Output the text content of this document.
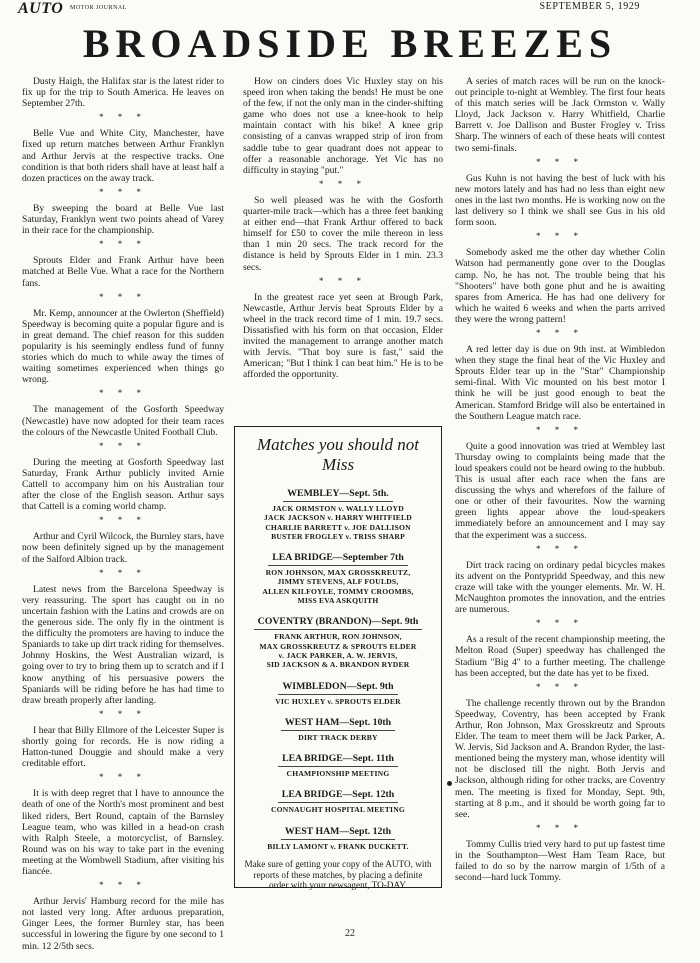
AUTO MOTOR JOURNAL	SEPTEMBER 5, 1929
BROADSIDE BREEZES

Dusty Haigh, the Halifax star is the latest rider to fix up for the trip to South America. He leaves on September 27th.

* * *

Belle Vue and White City, Manchester, have fixed up return matches between Arthur Franklyn and Arthur Jervis at the respective tracks. One condition is that both riders shall have at least half a dozen practices on the away track.

* * *

By sweeping the board at Belle Vue last Saturday, Franklyn went two points ahead of Varey in their race for the championship.

* * *

Sprouts Elder and Frank Arthur have been matched at Belle Vue. What a race for the Northern fans.

* * *

Mr. Kemp, announcer at the Owlerton (Sheffield) Speedway is becoming quite a popular figure and is in great demand. The chief reason for this sudden popularity is his seemingly endless fund of funny stories which do much to while away the times of waiting sometimes experienced when things go wrong.

* * *

The management of the Gosforth Speedway (Newcastle) have now adopted for their team races the colours of the Newcastle United Football Club.

* * *

During the meeting at Gosforth Speedway last Saturday, Frank Arthur publicly invited Arnie Cattell to accompany him on his Australian tour after the close of the English season. Arthur says that Cattell is a coming world champ.

* * *

Arthur and Cyril Wilcock, the Burnley stars, have now been definitely signed up by the management of the Salford Albion track.

* * *

Latest news from the Barcelona Speedway is very reassuring. The sport has caught on in no uncertain fashion with the Latins and crowds are on the generous side. The only fly in the ointment is the difficulty the promoters are having to induce the Spaniards to take up dirt track riding for themselves. Johnny Hoskins, the West Australian wizard, is going over to try to bring them up to scratch and if I know anything of his persuasive powers the Spaniards will be riding before he has had time to draw breath properly after landing.

* * *

I hear that Billy Ellmore of the Leicester Super is shortly going for records. He is now riding a Hatton-tuned Douggie and should make a very creditable effort.

* * *

It is with deep regret that I have to announce the death of one of the North's most prominent and best liked riders, Bert Round, captain of the Barnsley League team, who was killed in a head-on crash with Ralph Steele, a motorcyclist, of Barnsley. Round was on his way to take part in the evening meeting at the Wombwell Stadium, after visiting his fiancée.

* * *

Arthur Jervis' Hamburg record for the mile has not lasted very long. After arduous preparation, Ginger Lees, the former Burnley star, has been successful in lowering the figure by one second to 1 min. 12 2/5th secs.

How on cinders does Vic Huxley stay on his speed iron when taking the bends! He must be one of the few, if not the only man in the cinder-shifting game who does not use a knee-hook to help maintain contact with his bike! A knee grip consisting of a canvas wrapped strip of iron from saddle tube to gear quadrant does not appear to offer a reasonable anchorage. Yet Vic has no difficulty in staying "put."

* * *

So well pleased was he with the Gosforth quarter-mile track—which has a three feet banking at either end—that Frank Arthur offered to back himself for £50 to cover the mile thereon in less than 1 min 20 secs. The track record for the distance is held by Sprouts Elder in 1 min. 23.3 secs.

* * *

In the greatest race yet seen at Brough Park, Newcastle, Arthur Jervis beat Sprouts Elder by a wheel in the track record time of 1 min. 19.7 secs. Dissatisfied with his form on that occasion, Elder invited the management to arrange another match with Jervis. "That boy sure is fast," said the American; "But I think I can beat him." He is to be afforded the opportunity.

A series of match races will be run on the knock-out principle to-night at Wembley. The first four heats of this match series will be Jack Ormston v. Wally Lloyd, Jack Jackson v. Harry Whitfield, Charlie Barrett v. Joe Dallison and Buster Frogley v. Triss Sharp. The winners of each of these heats will contest two semi-finals.

* * *

Gus Kuhn is not having the best of luck with his new motors lately and has had no less than eight new ones in the last two months. He is working now on the last delivery so I think we shall see Gus in his old form soon.

* * *

Somebody asked me the other day whether Colin Watson had permanently gone over to the Douglas camp. No, he has not. The trouble being that his "Shooters" have both gone phut and he is awaiting spares from America. He has had one delivery for which he waited 6 weeks and when the parts arrived they were the wrong pattern!

* * *

A red letter day is due on 9th inst. at Wimbledon when they stage the final heat of the Vic Huxley and Sprouts Elder tear up in the "Star" Championship semi-final. With Vic mounted on his best motor I think he will be just good enough to beat the American. Stamford Bridge will also be entertained in the Southern League match race.

* * *

Quite a good innovation was tried at Wembley last Thursday owing to complaints being made that the loud speakers could not be heard owing to the hubbub. This is usual after each race when the fans are discussing the whys and wherefors of the failure of one or other of their favourites. Now the warning green lights appear above the loud-speakers immediately before an announcement and I may say that the experiment was a success.

* * *

Dirt track racing on ordinary pedal bicycles makes its advent on the Pontypridd Speedway, and this new craze will take with the younger elements. Mr. W. H. McNaughton promotes the innovation, and the entries are numerous.

* * *

As a result of the recent championship meeting, the Melton Road (Super) speedway has challenged the Stadium "Big 4" to a further meeting. The challenge has been accepted, but the date has yet to be fixed.

* * *

The challenge recently thrown out by the Brandon Speedway, Coventry, has been accepted by Frank Arthur, Ron Johnson, Max Grosskreutz and Sprouts Elder. The team to meet them will be Jack Parker, A. W. Jervis, Sid Jackson and A. Brandon Ryder, the last-mentioned being the mystery man, whose identity will not be disclosed till the night. Both Jervis and Jackson, although riding for other tracks, are Coventry men. The meeting is fixed for Monday, Sept. 9th, starting at 8 p.m., and it should be worth going far to see.

* * *

Tommy Cullis tried very hard to put up fastest time in the Southampton—West Ham Team Race, but failed to do so by the narrow margin of 1/5th of a second—hard luck Tommy.

Matches you should not Miss
WEMBLEY—Sept. 5th.
JACK ORMSTON v. WALLY LLOYD
JACK JACKSON v. HARRY WHITFIELD
CHARLIE BARRETT v. JOE DALLISON
BUSTER FROGLEY v. TRISS SHARP
LEA BRIDGE—September 7th
RON JOHNSON, MAX GROSSKREUTZ,
JIMMY STEVENS, ALF FOULDS,
ALLEN KILFOYLE, TOMMY CROOMBS,
MISS EVA ASKQUITH
COVENTRY (BRANDON)—Sept. 9th
FRANK ARTHUR, RON JOHNSON,
MAX GROSSKREUTZ & SPROUTS ELDER
v. JACK PARKER, A. W. JERVIS,
SID JACKSON & A. BRANDON RYDER
WIMBLEDON—Sept. 9th
VIC HUXLEY v. SPROUTS ELDER
WEST HAM—Sept. 10th
DIRT TRACK DERBY
LEA BRIDGE—Sept. 11th
CHAMPIONSHIP MEETING
LEA BRIDGE—Sept. 12th
CONNAUGHT HOSPITAL MEETING
WEST HAM—Sept. 12th
BILLY LAMONT v. FRANK DUCKETT.
Make sure of getting your copy of the AUTO, with reports of these matches, by placing a definite order with your newsagent, TO-DAY.
22
